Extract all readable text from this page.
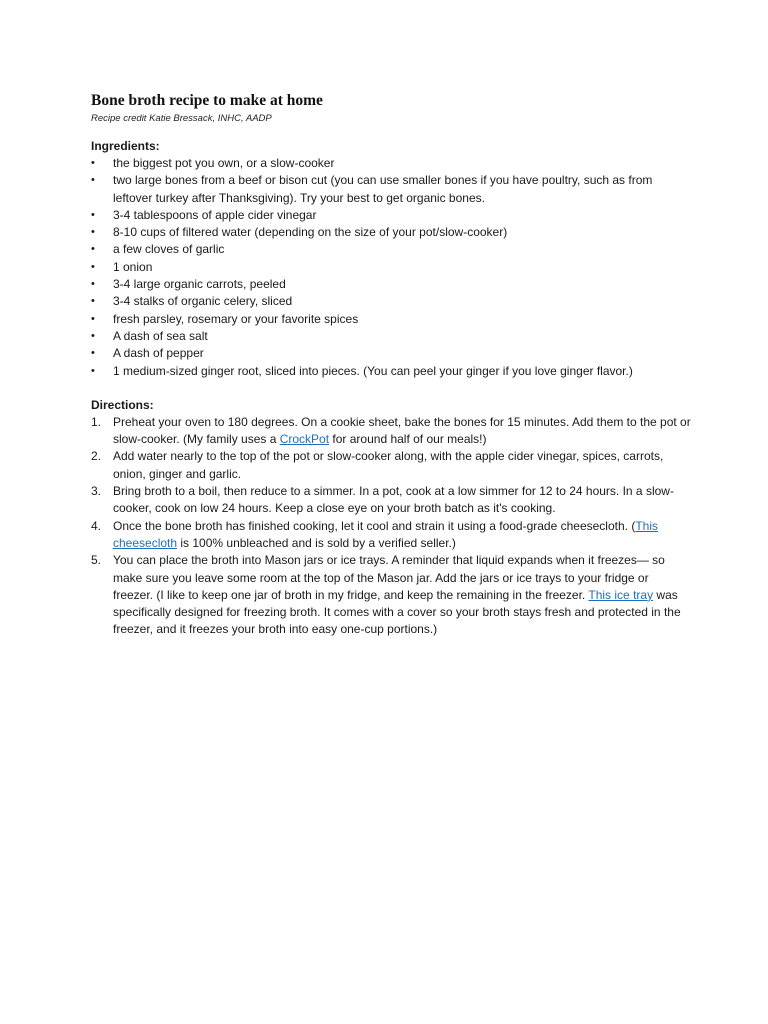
Bone broth recipe to make at home

Recipe credit Katie Bressack, INHC, AADP

Ingredients:
•	the biggest pot you own, or a slow-cooker
•	two large bones from a beef or bison cut (you can use smaller bones if you have poultry, such as from leftover turkey after Thanksgiving). Try your best to get organic bones.
•	3-4 tablespoons of apple cider vinegar
•	8-10 cups of filtered water (depending on the size of your pot/slow-cooker)
•	a few cloves of garlic
•	1 onion
•	3-4 large organic carrots, peeled
•	3-4 stalks of organic celery, sliced
•	fresh parsley, rosemary or your favorite spices
•	A dash of sea salt
•	A dash of pepper
•	1 medium-sized ginger root, sliced into pieces. (You can peel your ginger if you love ginger flavor.)
Directions:
1. Preheat your oven to 180 degrees. On a cookie sheet, bake the bones for 15 minutes. Add them to the pot or slow-cooker. (My family uses a CrockPot for around half of our meals!)
2. Add water nearly to the top of the pot or slow-cooker along, with the apple cider vinegar, spices, carrots, onion, ginger and garlic.
3. Bring broth to a boil, then reduce to a simmer. In a pot, cook at a low simmer for 12 to 24 hours. In a slow-cooker, cook on low 24 hours. Keep a close eye on your broth batch as it's cooking.
4. Once the bone broth has finished cooking, let it cool and strain it using a food-grade cheesecloth. (This cheesecloth is 100% unbleached and is sold by a verified seller.)
5. You can place the broth into Mason jars or ice trays. A reminder that liquid expands when it freezes— so make sure you leave some room at the top of the Mason jar. Add the jars or ice trays to your fridge or freezer. (I like to keep one jar of broth in my fridge, and keep the remaining in the freezer. This ice tray was specifically designed for freezing broth. It comes with a cover so your broth stays fresh and protected in the freezer, and it freezes your broth into easy one-cup portions.)
